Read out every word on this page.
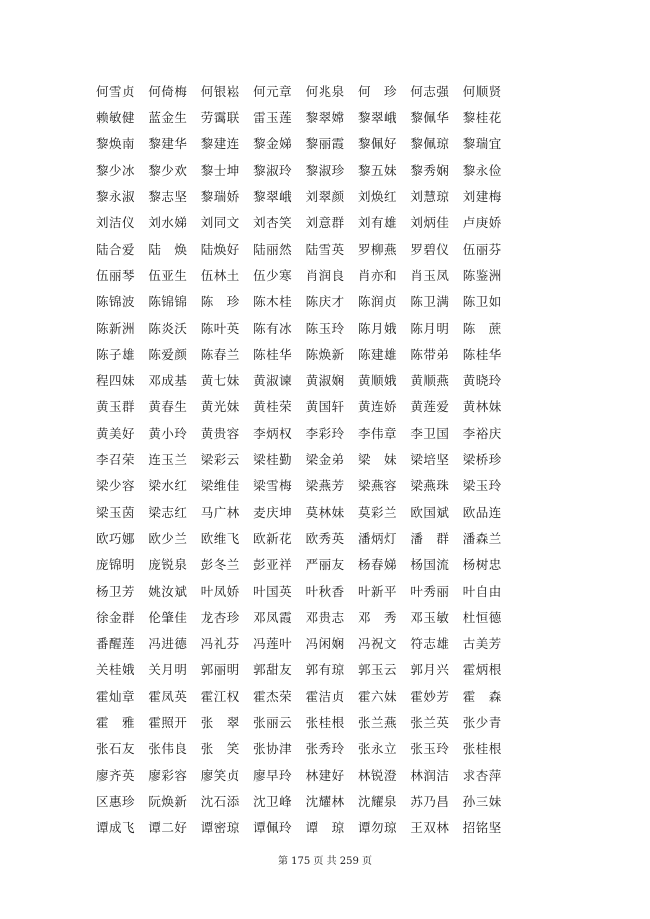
何雪贞	何倚梅	何银崧	何元章	何兆泉	何　珍	何志强	何顺贤
赖敏健	蓝金生	劳霭联	雷玉莲	黎翠嫦	黎翠峨	黎佩华	黎桂花
黎焕南	黎建华	黎建连	黎金娣	黎丽霞	黎佩好	黎佩琼	黎瑞宜
黎少冰	黎少欢	黎士坤	黎淑玲	黎淑珍	黎五妹	黎秀娴	黎永俭
黎永淑	黎志坚	黎瑞娇	黎翠峨	刘翠颜	刘焕红	刘慧琼	刘建梅
刘洁仪	刘水娣	刘同文	刘杏笑	刘意群	刘有雄	刘炳佳	卢庚娇
陆合爱	陆　焕	陆焕好	陆丽然	陆雪英	罗柳燕	罗碧仪	伍丽芬
伍丽琴	伍亚生	伍林土	伍少寒	肖润良	肖亦和	肖玉凤	陈鉴洲
陈锦波	陈锦锦	陈　珍	陈木桂	陈庆才	陈润贞	陈卫满	陈卫如
陈新洲	陈炎沃	陈叶英	陈有冰	陈玉玲	陈月娥	陈月明	陈　蔗
陈子雄	陈爱颜	陈春兰	陈桂华	陈焕新	陈建雄	陈带弟	陈桂华
程四妹	邓成基	黄七妹	黄淑谏	黄淑娴	黄顺娥	黄顺燕	黄晓玲
黄玉群	黄春生	黄光妹	黄桂荣	黄国轩	黄连娇	黄莲爱	黄林妹
黄美好	黄小玲	黄贵容	李炳权	李彩玲	李伟章	李卫国	李裕庆
李召荣	连玉兰	梁彩云	梁桂勤	梁金弟	梁　妹	梁培坚	梁桥珍
梁少容	梁水红	梁维佳	梁雪梅	梁燕芳	梁燕容	梁燕珠	梁玉玲
梁玉茵	梁志红	马广林	麦庆坤	莫林妹	莫彩兰	欧国斌	欧品连
欧巧娜	欧少兰	欧维飞	欧新花	欧秀英	潘炳灯	潘　群	潘森兰
庞锦明	庞锐泉	彭冬兰	彭亚祥	严丽友	杨春娣	杨国流	杨树忠
杨卫芳	姚汝斌	叶凤娇	叶国英	叶秋香	叶新平	叶秀丽	叶自由
徐金群	伦肇佳	龙杏珍	邓凤霞	邓贵志	邓　秀	邓玉敏	杜恒德
番醒莲	冯进德	冯礼芬	冯莲叶	冯闲娴	冯祝文	符志雄	古美芳
关桂娥	关月明	郭丽明	郭甜友	郭有琼	郭玉云	郭月兴	霍炳根
霍灿章	霍凤英	霍江权	霍杰荣	霍洁贞	霍六妹	霍妙芳	霍　森
霍　雅	霍照开	张　翠	张丽云	张桂根	张兰燕	张兰英	张少青
张石友	张伟良	张　笑	张协津	张秀玲	张永立	张玉玲	张桂根
廖齐英	廖彩容	廖笑贞	廖早玲	林建好	林锐澄	林润洁	求杏萍
区惠珍	阮焕新	沈石添	沈卫峰	沈耀林	沈耀泉	苏乃昌	孙三妹
谭成飞	谭二好	谭密琼	谭佩玲	谭　琼	谭勿琼	王双林	招铭坚
第 175 页 共 259 页
